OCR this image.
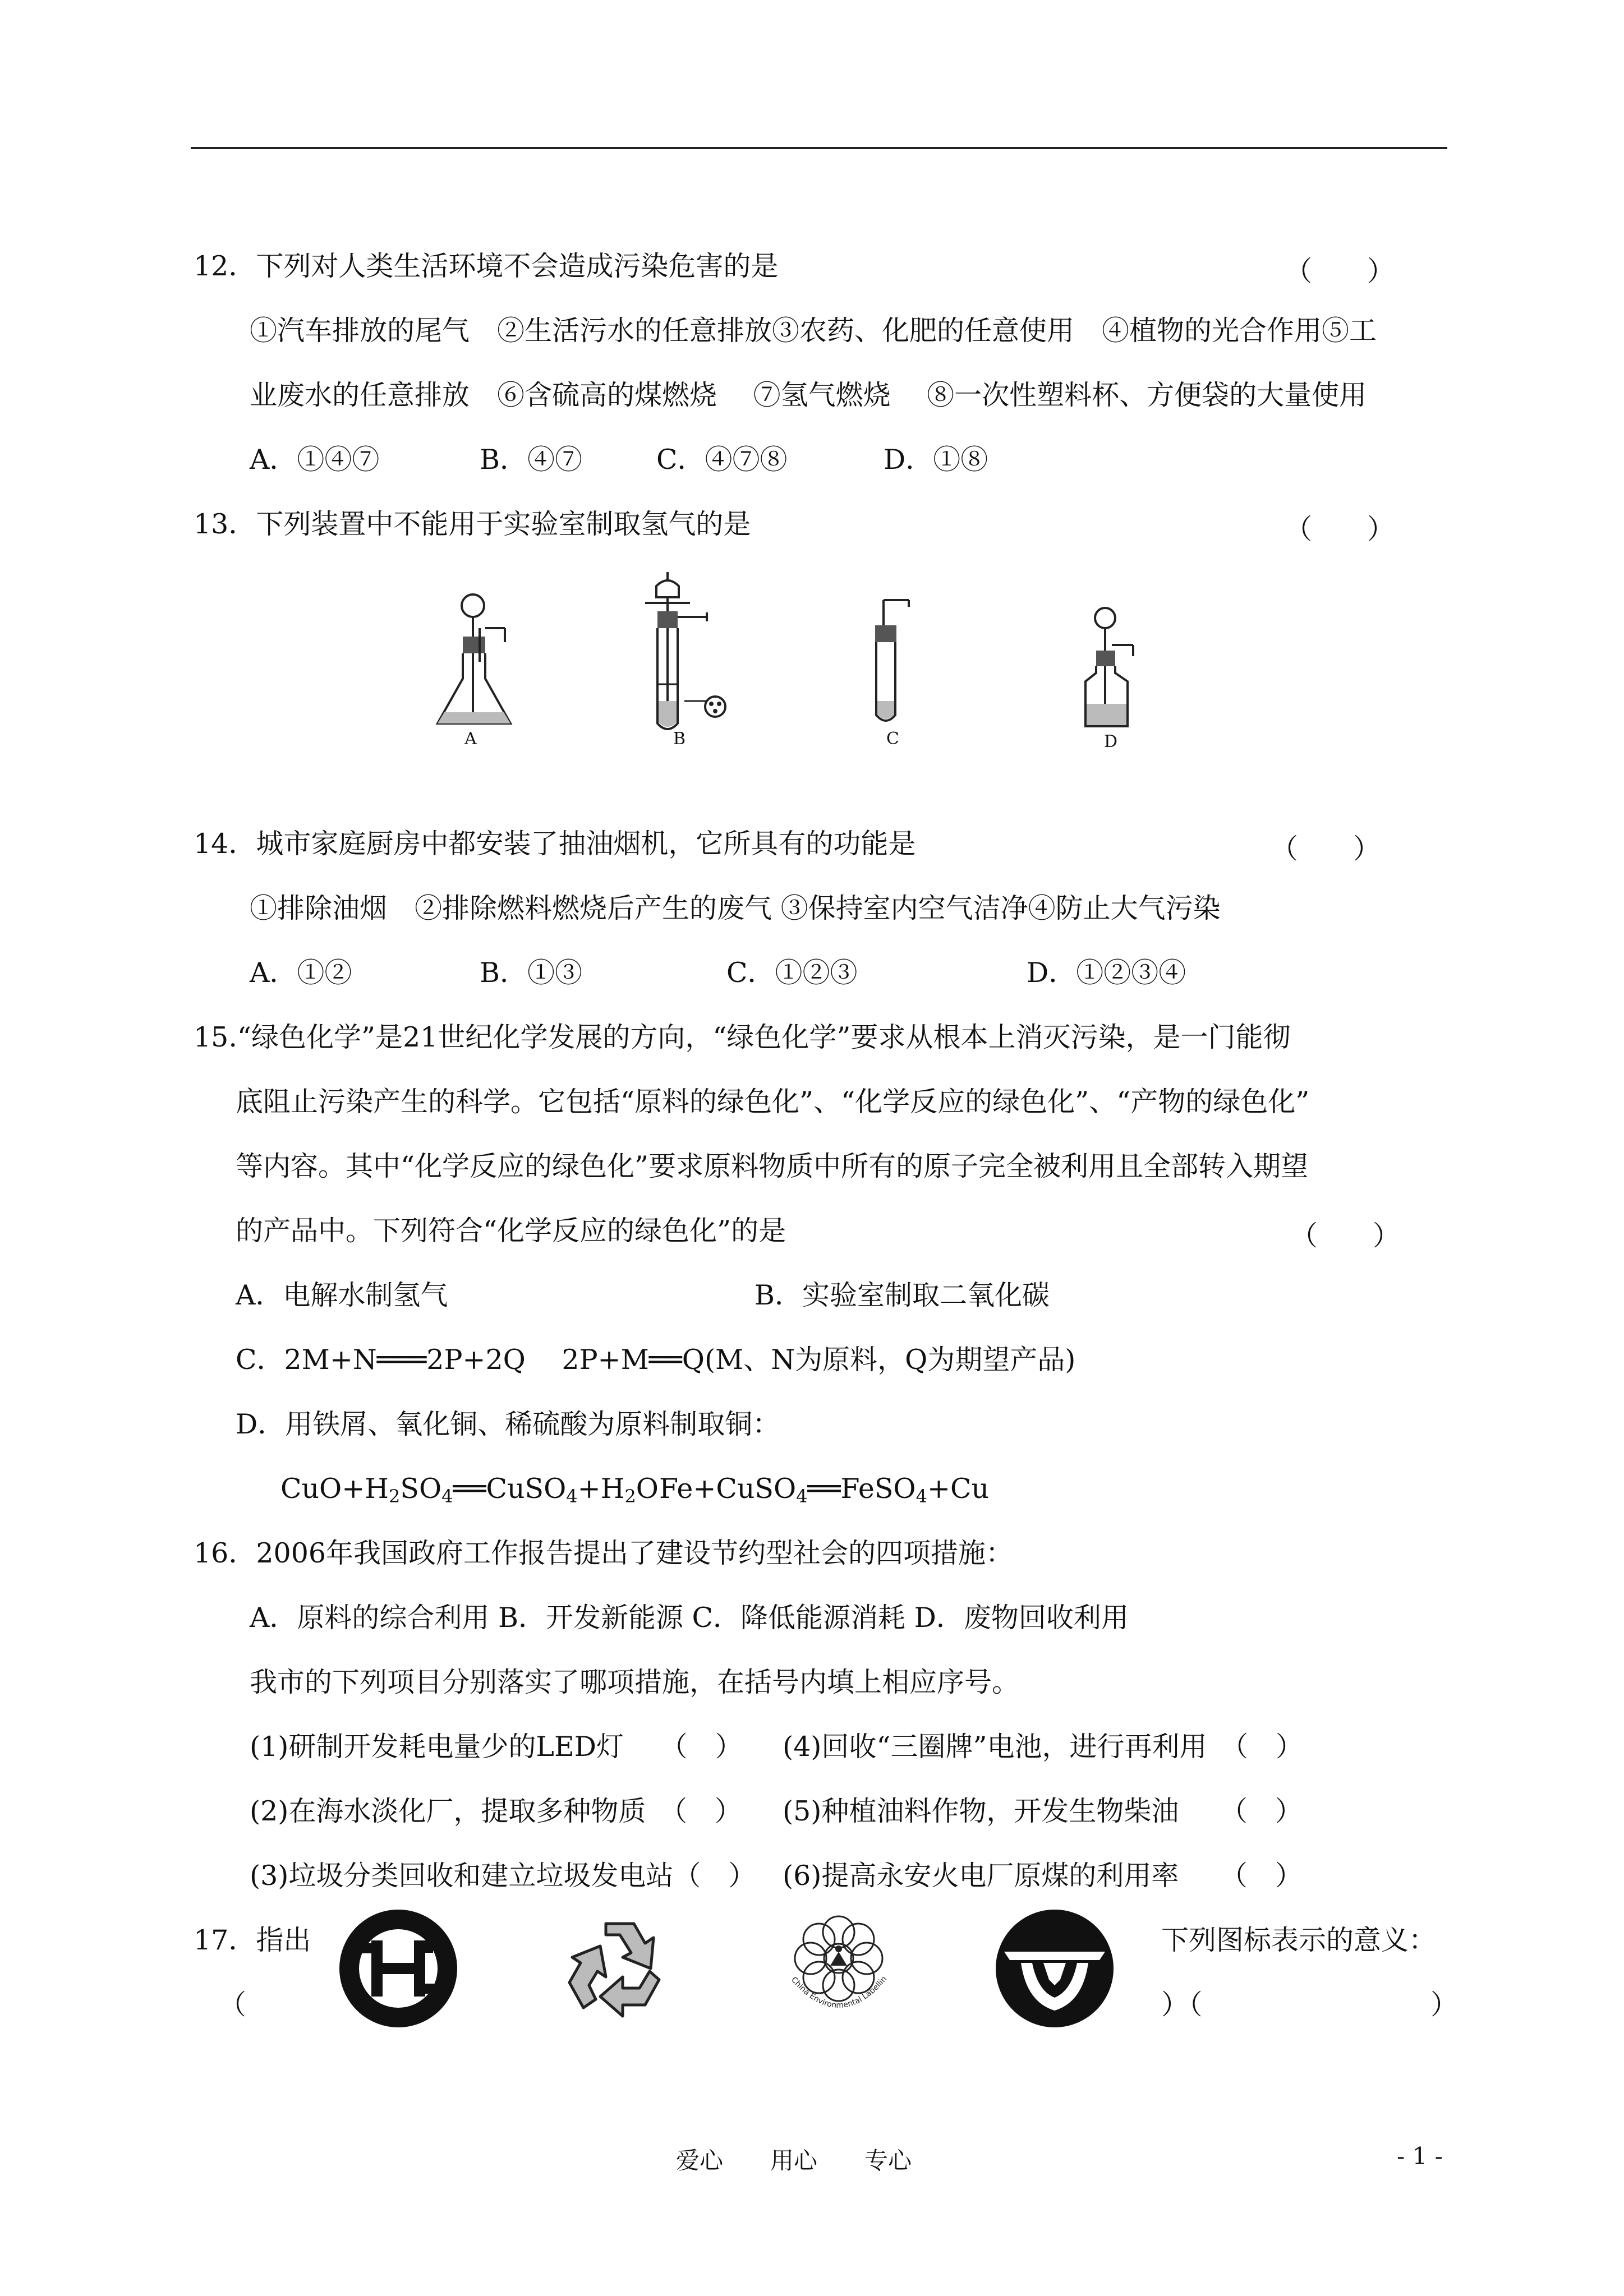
12．下列对人类生活环境不会造成污染危害的是	（　　）
①汽车排放的尾气　②生活污水的任意排放③农药、化肥的任意使用　④植物的光合作用⑤工
业废水的任意排放　⑥含硫高的煤燃烧　 ⑦氢气燃烧　 ⑧一次性塑料杯、方便袋的大量使用
A．①④⑦	B．④⑦	C．④⑦⑧	D．①⑧
13．下列装置中不能用于实验室制取氢气的是	（　　）
A	B	C	D
14．城市家庭厨房中都安装了抽油烟机，它所具有的功能是	（　　）
①排除油烟　②排除燃料燃烧后产生的废气 ③保持室内空气洁净④防止大气污染
A．①②	B．①③	C．①②③	D．①②③④
15.“绿色化学”是21世纪化学发展的方向，“绿色化学”要求从根本上消灭污染，是一门能彻
底阻止污染产生的科学。它包括“原料的绿色化”、“化学反应的绿色化”、“产物的绿色化”
等内容。其中“化学反应的绿色化”要求原料物质中所有的原子完全被利用且全部转入期望
的产品中。下列符合“化学反应的绿色化”的是	（　　）
A．电解水制氢气	B．实验室制取二氧化碳
C．2M+N═══2P+2Q　 2P+M══Q(M、N为原料，Q为期望产品)
D．用铁屑、氧化铜、稀硫酸为原料制取铜：
$CuO+H_2SO_4══CuSO_4+H_2O$ Fe+CuSO$_4$══FeSO$_4$+Cu
16．2006年我国政府工作报告提出了建设节约型社会的四项措施：
A．原料的综合利用 B．开发新能源 C．降低能源消耗 D．废物回收利用
我市的下列项目分别落实了哪项措施，在括号内填上相应序号。
(1)研制开发耗电量少的LED灯　 （　） (4)回收“三圈牌”电池，进行再利用　（　）
(2)在海水淡化厂，提取多种物质　（　） (5)种植油料作物，开发生物柴油　　（　）
(3)垃圾分类回收和建立垃圾发电站（　） (6)提高永安火电厂原煤的利用率　　（　）
17．指出	下列图标表示的意义：
（	）（	）
China Environmental Labelling
爱心　　用心　　专心	- 1 -
